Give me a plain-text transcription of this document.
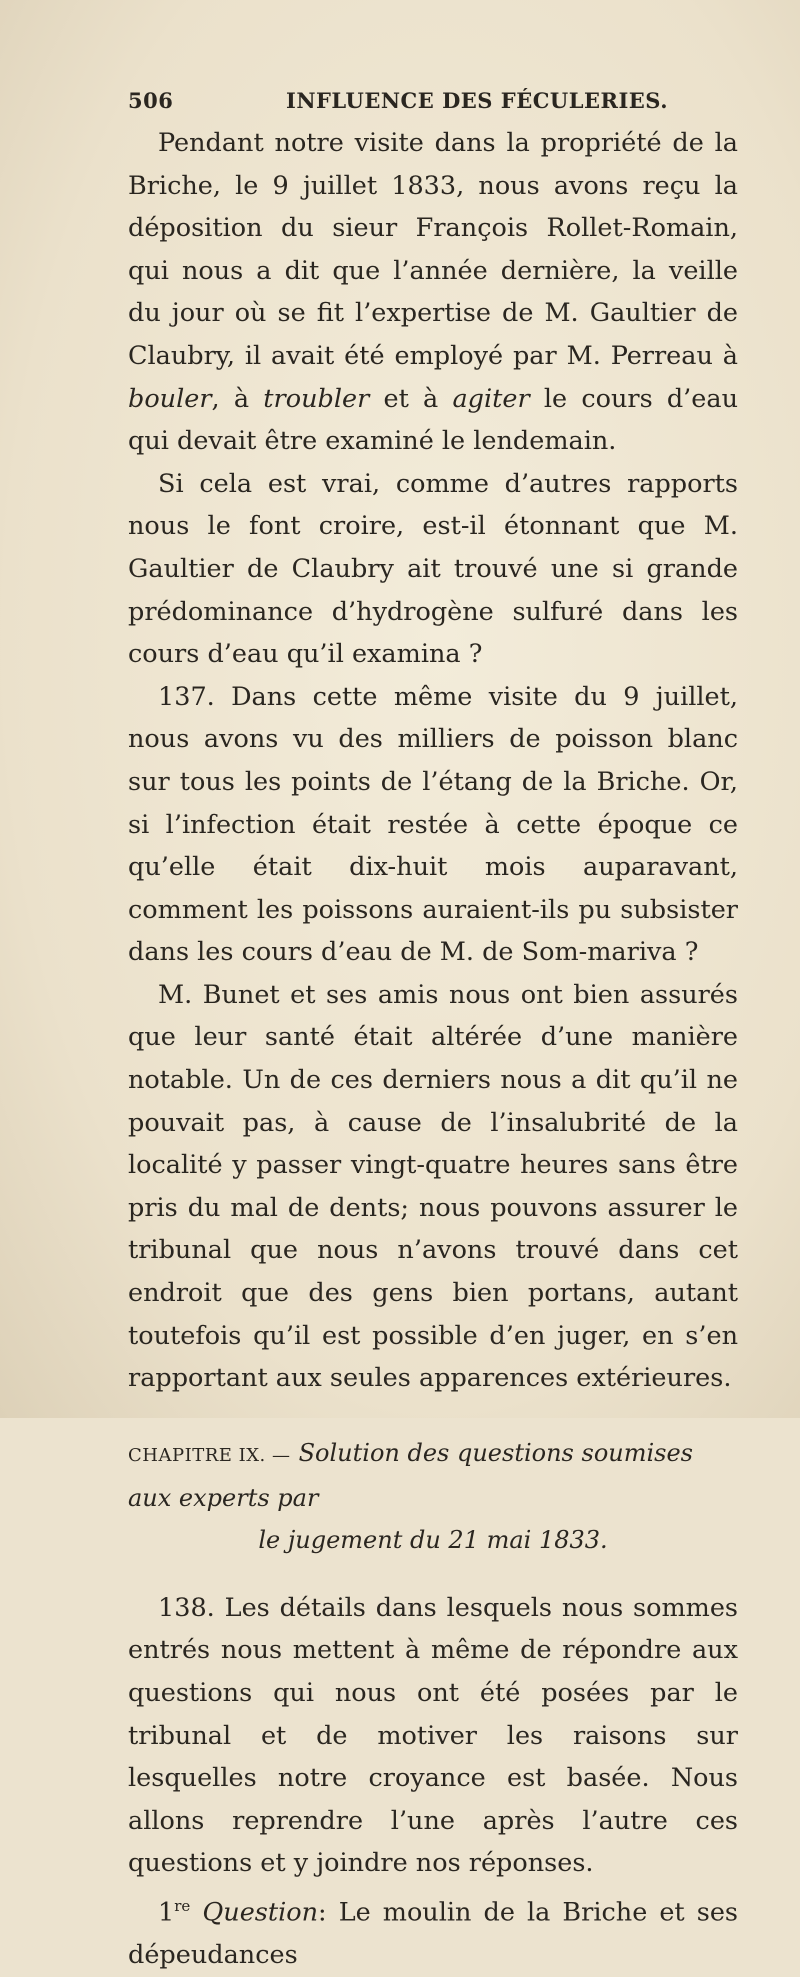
506	INFLUENCE DES FÉCULERIES.

Pendant notre visite dans la propriété de la Briche, le 9 juillet 1833, nous avons reçu la déposition du sieur François Rollet-Romain, qui nous a dit que l’année dernière, la veille du jour où se fit l’expertise de M. Gaultier de Claubry, il avait été employé par M. Perreau à bouler, à troubler et à agiter le cours d’eau qui devait être examiné le lendemain.

Si cela est vrai, comme d’autres rapports nous le font croire, est-il étonnant que M. Gaultier de Claubry ait trouvé une si grande prédominance d’hydrogène sulfuré dans les cours d’eau qu’il examina ?

137. Dans cette même visite du 9 juillet, nous avons vu des milliers de poisson blanc sur tous les points de l’étang de la Briche. Or, si l’infection était restée à cette époque ce qu’elle était dix-huit mois auparavant, comment les poissons auraient-ils pu subsister dans les cours d’eau de M. de Som-mariva ?

M. Bunet et ses amis nous ont bien assurés que leur santé était altérée d’une manière notable. Un de ces derniers nous a dit qu’il ne pouvait pas, à cause de l’insalubrité de la localité y passer vingt-quatre heures sans être pris du mal de dents; nous pouvons assurer le tribunal que nous n’avons trouvé dans cet endroit que des gens bien portans, autant toutefois qu’il est possible d’en juger, en s’en rapportant aux seules apparences extérieures.

CHAPITRE IX. — Solution des questions soumises aux experts par
le jugement du 21 mai 1833.

138. Les détails dans lesquels nous sommes entrés nous mettent à même de répondre aux questions qui nous ont été posées par le tribunal et de motiver les raisons sur lesquelles notre croyance est basée. Nous allons reprendre l’une après l’autre ces questions et y joindre nos réponses.

1re Question: Le moulin de la Briche et ses dépeudances
